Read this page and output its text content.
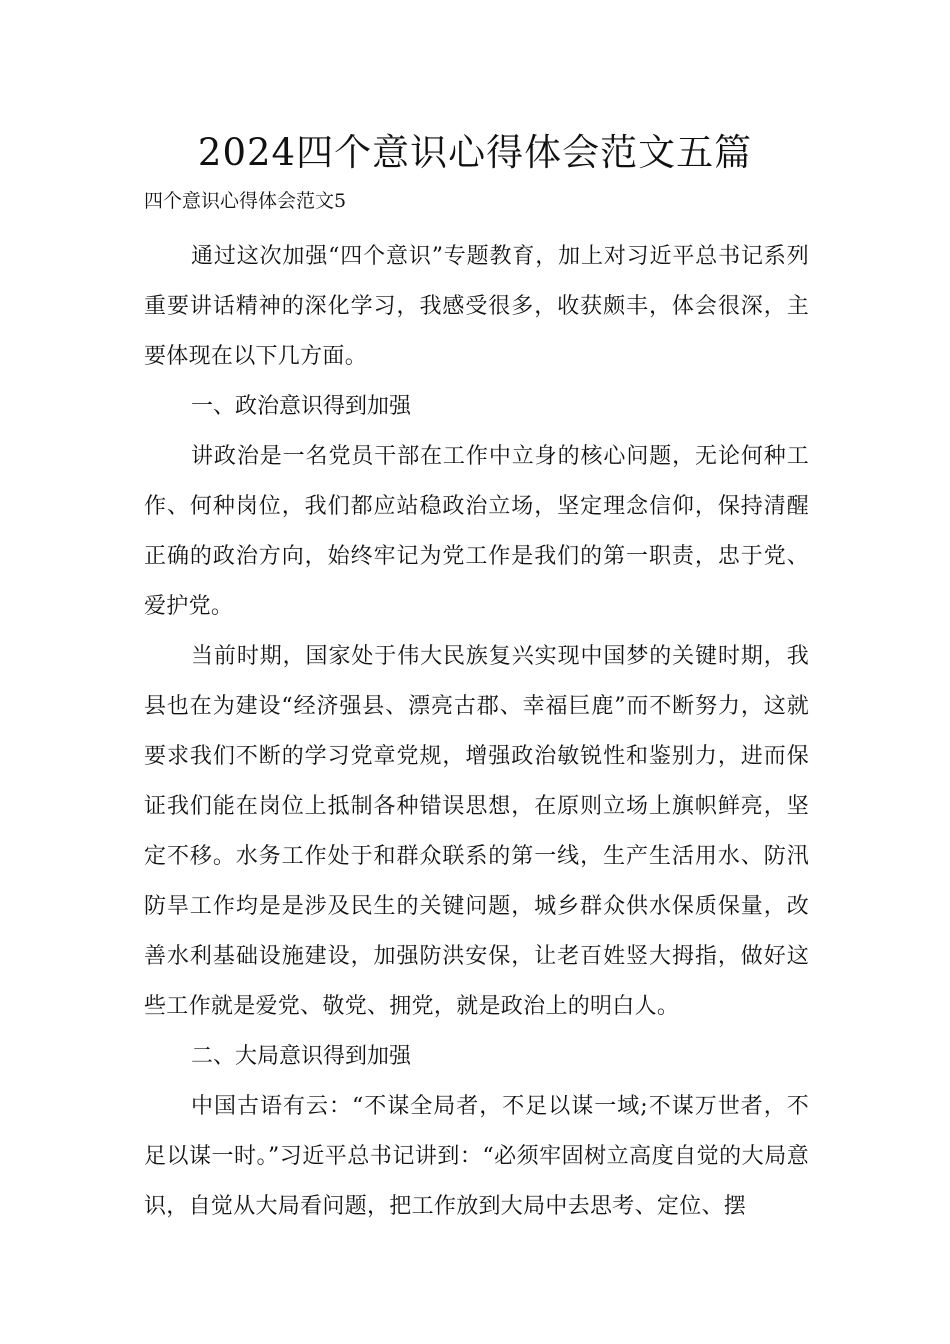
2024四个意识心得体会范文五篇

四个意识心得体会范文5

通过这次加强“四个意识”专题教育，加上对习近平总书记系列重要讲话精神的深化学习，我感受很多，收获颇丰，体会很深，主要体现在以下几方面。

一、政治意识得到加强

讲政治是一名党员干部在工作中立身的核心问题，无论何种工作、何种岗位，我们都应站稳政治立场，坚定理念信仰，保持清醒正确的政治方向，始终牢记为党工作是我们的第一职责，忠于党、爱护党。

当前时期，国家处于伟大民族复兴实现中国梦的关键时期，我县也在为建设“经济强县、漂亮古郡、幸福巨鹿”而不断努力，这就要求我们不断的学习党章党规，增强政治敏锐性和鉴别力，进而保证我们能在岗位上抵制各种错误思想，在原则立场上旗帜鲜亮，坚定不移。水务工作处于和群众联系的第一线，生产生活用水、防汛防旱工作均是是涉及民生的关键问题，城乡群众供水保质保量，改善水利基础设施建设，加强防洪安保，让老百姓竖大拇指，做好这些工作就是爱党、敬党、拥党，就是政治上的明白人。

二、大局意识得到加强

中国古语有云：“不谋全局者，不足以谋一域;不谋万世者，不足以谋一时。”习近平总书记讲到：“必须牢固树立高度自觉的大局意识，自觉从大局看问题，把工作放到大局中去思考、定位、摆
